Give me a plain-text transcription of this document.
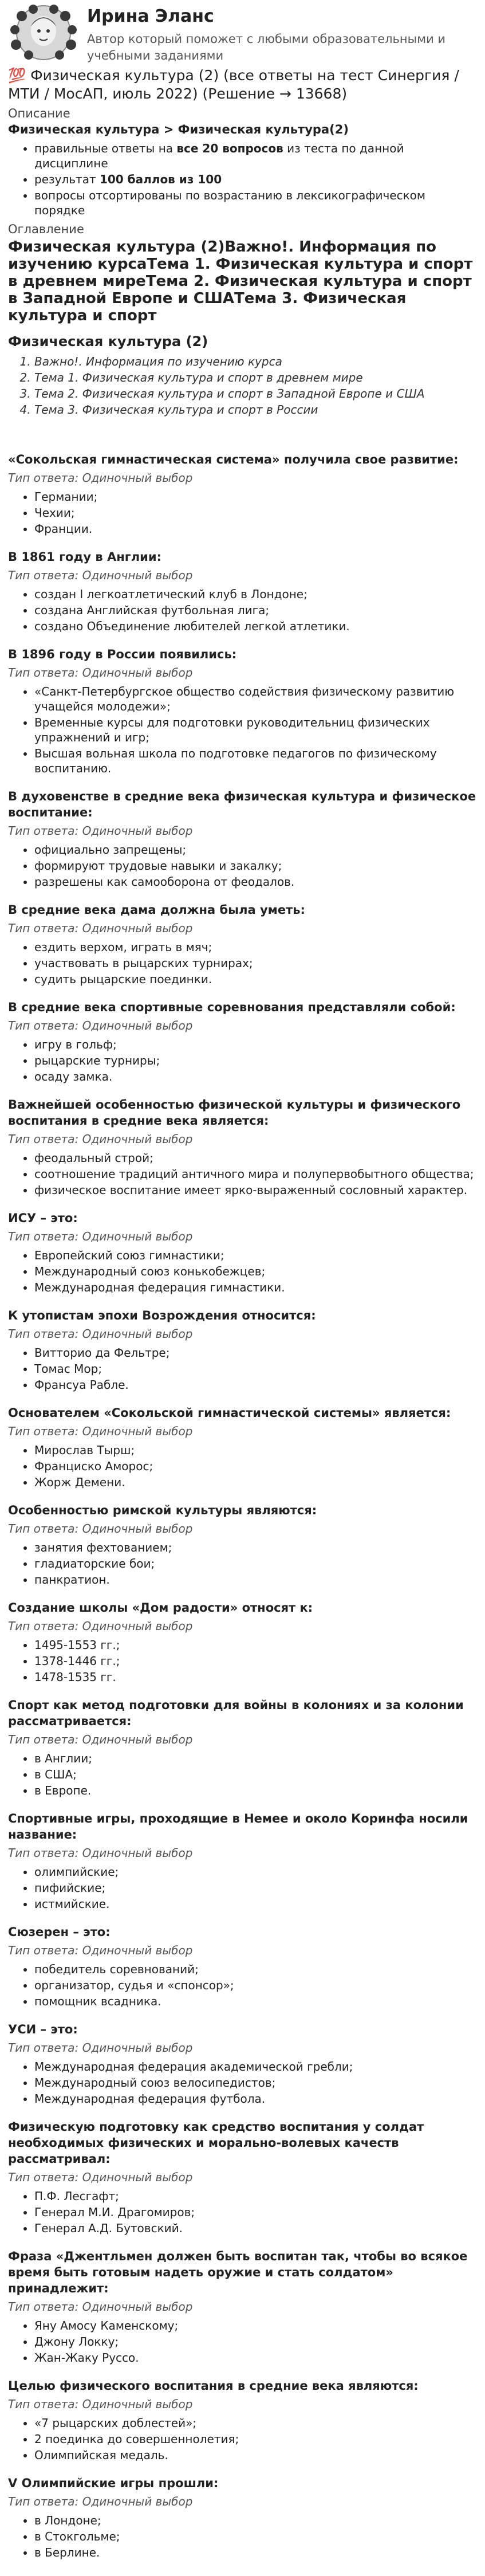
Ирина Эланс
Автор который поможет с любыми образовательными и учебными заданиями
💯 Физическая культура (2) (все ответы на тест Синергия / МТИ / МосАП, июль 2022) (Решение → 13668)
Описание
Физическая культура > Физическая культура(2)
• правильные ответы на все 20 вопросов из теста по данной дисциплине
• результат 100 баллов из 100
• вопросы отсортированы по возрастанию в лексикографическом порядке
Оглавление
Физическая культура (2)Важно!. Информация по изучению курсаТема 1. Физическая культура и спорт в древнем миреТема 2. Физическая культура и спорт в Западной Европе и СШАТема 3. Физическая культура и спорт
Физическая культура (2)
1. Важно!. Информация по изучению курса
2. Тема 1. Физическая культура и спорт в древнем мире
3. Тема 2. Физическая культура и спорт в Западной Европе и США
4. Тема 3. Физическая культура и спорт в России
«Сокольская гимнастическая система» получила свое развитие:
Тип ответа: Одиночный выбор
• Германии;
• Чехии;
• Франции.
В 1861 году в Англии:
Тип ответа: Одиночный выбор
• создан I легкоатлетический клуб в Лондоне;
• создана Английская футбольная лига;
• создано Объединение любителей легкой атлетики.
В 1896 году в России появились:
Тип ответа: Одиночный выбор
• «Санкт-Петербургское общество содействия физическому развитию учащейся молодежи»;
• Временные курсы для подготовки руководительниц физических упражнений и игр;
• Высшая вольная школа по подготовке педагогов по физическому воспитанию.
В духовенстве в средние века физическая культура и физическое воспитание:
Тип ответа: Одиночный выбор
• официально запрещены;
• формируют трудовые навыки и закалку;
• разрешены как самооборона от феодалов.
В средние века дама должна была уметь:
Тип ответа: Одиночный выбор
• ездить верхом, играть в мяч;
• участвовать в рыцарских турнирах;
• судить рыцарские поединки.
В средние века спортивные соревнования представляли собой:
Тип ответа: Одиночный выбор
• игру в гольф;
• рыцарские турниры;
• осаду замка.
Важнейшей особенностью физической культуры и физического воспитания в средние века является:
Тип ответа: Одиночный выбор
• феодальный строй;
• соотношение традиций античного мира и полупервобытного общества;
• физическое воспитание имеет ярко-выраженный сословный характер.
ИСУ – это:
Тип ответа: Одиночный выбор
• Европейский союз гимнастики;
• Международный союз конькобежцев;
• Международная федерация гимнастики.
К утопистам эпохи Возрождения относится:
Тип ответа: Одиночный выбор
• Витторио да Фельтре;
• Томас Мор;
• Франсуа Рабле.
Основателем «Сокольской гимнастической системы» является:
Тип ответа: Одиночный выбор
• Мирослав Тырш;
• Франциско Аморос;
• Жорж Демени.
Особенностью римской культуры являются:
Тип ответа: Одиночный выбор
• занятия фехтованием;
• гладиаторские бои;
• панкратион.
Создание школы «Дом радости» относят к:
Тип ответа: Одиночный выбор
• 1495-1553 гг.;
• 1378-1446 гг.;
• 1478-1535 гг.
Спорт как метод подготовки для войны в колониях и за колонии рассматривается:
Тип ответа: Одиночный выбор
• в Англии;
• в США;
• в Европе.
Спортивные игры, проходящие в Немее и около Коринфа носили название:
Тип ответа: Одиночный выбор
• олимпийские;
• пифийские;
• истмийские.
Сюзерен – это:
Тип ответа: Одиночный выбор
• победитель соревнований;
• организатор, судья и «спонсор»;
• помощник всадника.
УСИ – это:
Тип ответа: Одиночный выбор
• Международная федерация академической гребли;
• Международный союз велосипедистов;
• Международная федерация футбола.
Физическую подготовку как средство воспитания у солдат необходимых физических и морально-волевых качеств рассматривал:
Тип ответа: Одиночный выбор
• П.Ф. Лесгафт;
• Генерал М.И. Драгомиров;
• Генерал А.Д. Бутовский.
Фраза «Джентльмен должен быть воспитан так, чтобы во всякое время быть готовым надеть оружие и стать солдатом» принадлежит:
Тип ответа: Одиночный выбор
• Яну Амосу Каменскому;
• Джону Локку;
• Жан-Жаку Руссо.
Целью физического воспитания в средние века являются:
Тип ответа: Одиночный выбор
• «7 рыцарских доблестей»;
• 2 поединка до совершеннолетия;
• Олимпийская медаль.
V Олимпийские игры прошли:
Тип ответа: Одиночный выбор
• в Лондоне;
• в Стокгольме;
• в Берлине.
